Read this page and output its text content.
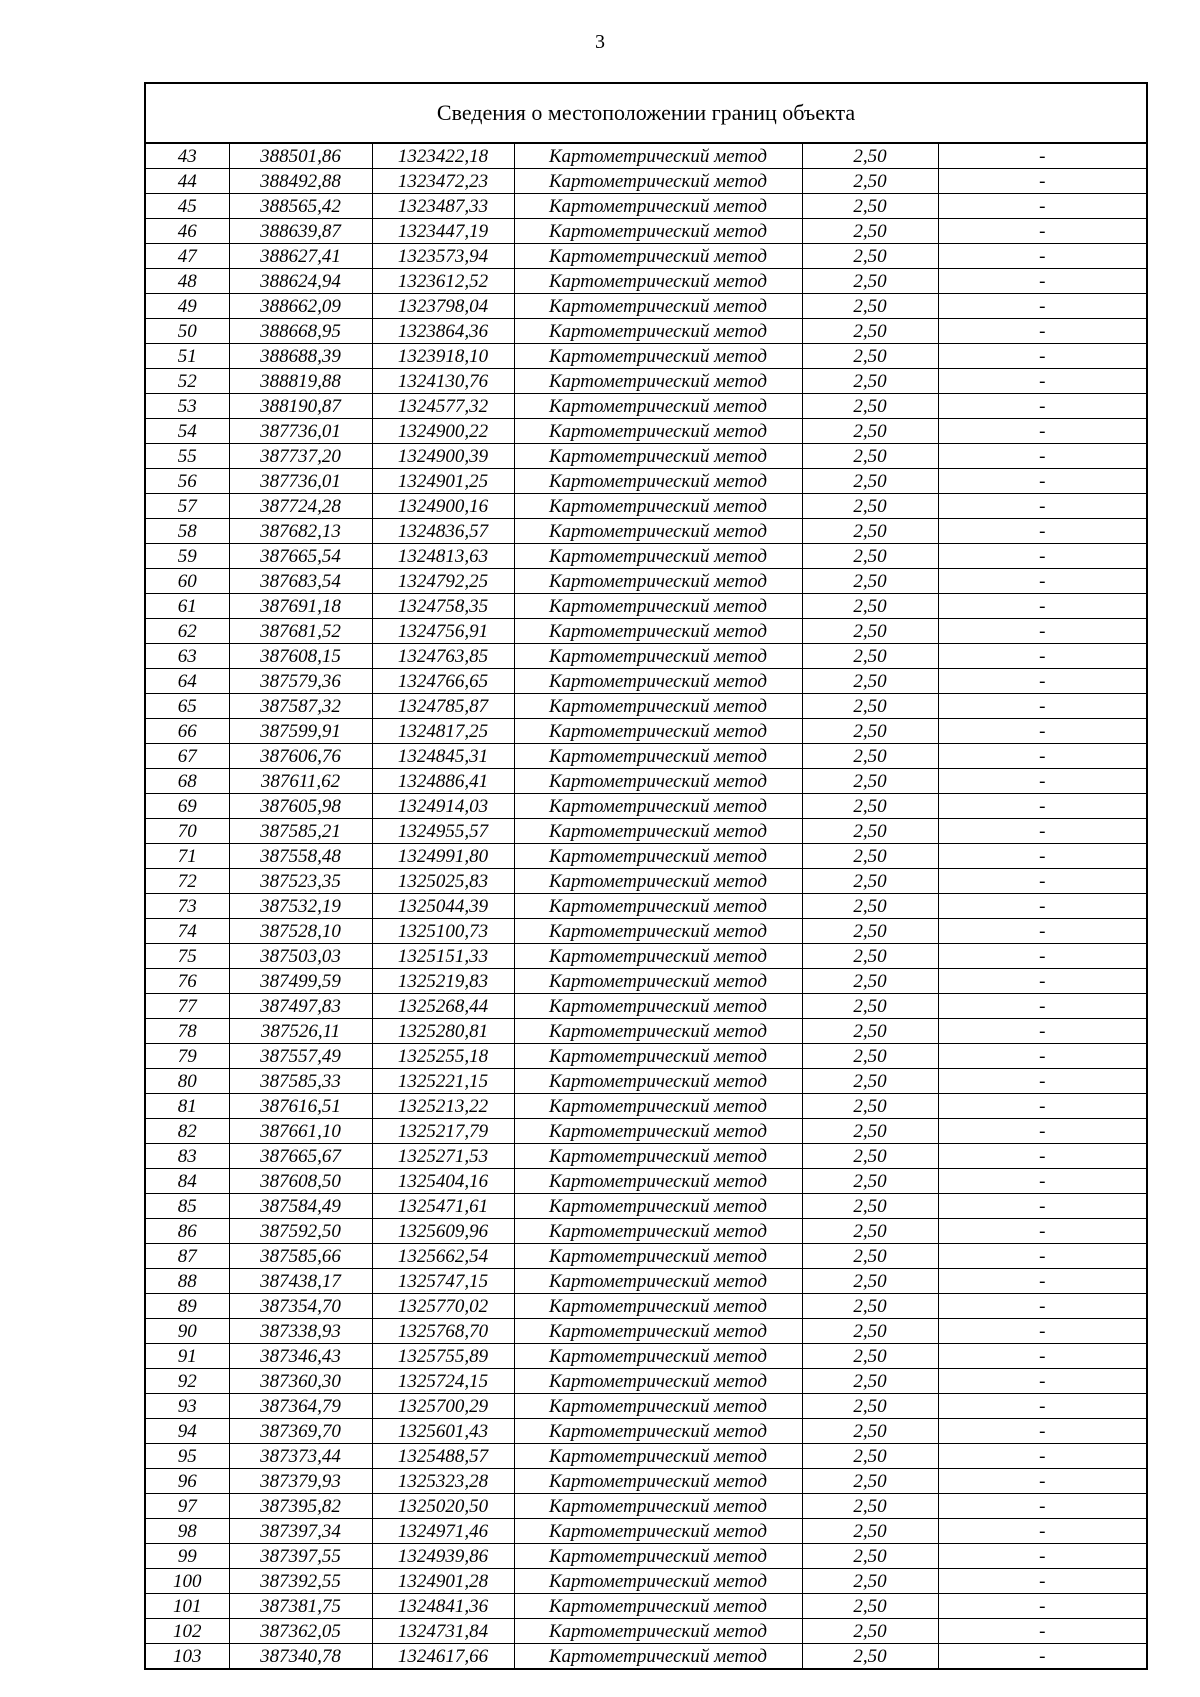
3
Сведения о местоположении границ объекта
43	388501,86	1323422,18	Картометрический метод	2,50	-
44	388492,88	1323472,23	Картометрический метод	2,50	-
45	388565,42	1323487,33	Картометрический метод	2,50	-
46	388639,87	1323447,19	Картометрический метод	2,50	-
47	388627,41	1323573,94	Картометрический метод	2,50	-
48	388624,94	1323612,52	Картометрический метод	2,50	-
49	388662,09	1323798,04	Картометрический метод	2,50	-
50	388668,95	1323864,36	Картометрический метод	2,50	-
51	388688,39	1323918,10	Картометрический метод	2,50	-
52	388819,88	1324130,76	Картометрический метод	2,50	-
53	388190,87	1324577,32	Картометрический метод	2,50	-
54	387736,01	1324900,22	Картометрический метод	2,50	-
55	387737,20	1324900,39	Картометрический метод	2,50	-
56	387736,01	1324901,25	Картометрический метод	2,50	-
57	387724,28	1324900,16	Картометрический метод	2,50	-
58	387682,13	1324836,57	Картометрический метод	2,50	-
59	387665,54	1324813,63	Картометрический метод	2,50	-
60	387683,54	1324792,25	Картометрический метод	2,50	-
61	387691,18	1324758,35	Картометрический метод	2,50	-
62	387681,52	1324756,91	Картометрический метод	2,50	-
63	387608,15	1324763,85	Картометрический метод	2,50	-
64	387579,36	1324766,65	Картометрический метод	2,50	-
65	387587,32	1324785,87	Картометрический метод	2,50	-
66	387599,91	1324817,25	Картометрический метод	2,50	-
67	387606,76	1324845,31	Картометрический метод	2,50	-
68	387611,62	1324886,41	Картометрический метод	2,50	-
69	387605,98	1324914,03	Картометрический метод	2,50	-
70	387585,21	1324955,57	Картометрический метод	2,50	-
71	387558,48	1324991,80	Картометрический метод	2,50	-
72	387523,35	1325025,83	Картометрический метод	2,50	-
73	387532,19	1325044,39	Картометрический метод	2,50	-
74	387528,10	1325100,73	Картометрический метод	2,50	-
75	387503,03	1325151,33	Картометрический метод	2,50	-
76	387499,59	1325219,83	Картометрический метод	2,50	-
77	387497,83	1325268,44	Картометрический метод	2,50	-
78	387526,11	1325280,81	Картометрический метод	2,50	-
79	387557,49	1325255,18	Картометрический метод	2,50	-
80	387585,33	1325221,15	Картометрический метод	2,50	-
81	387616,51	1325213,22	Картометрический метод	2,50	-
82	387661,10	1325217,79	Картометрический метод	2,50	-
83	387665,67	1325271,53	Картометрический метод	2,50	-
84	387608,50	1325404,16	Картометрический метод	2,50	-
85	387584,49	1325471,61	Картометрический метод	2,50	-
86	387592,50	1325609,96	Картометрический метод	2,50	-
87	387585,66	1325662,54	Картометрический метод	2,50	-
88	387438,17	1325747,15	Картометрический метод	2,50	-
89	387354,70	1325770,02	Картометрический метод	2,50	-
90	387338,93	1325768,70	Картометрический метод	2,50	-
91	387346,43	1325755,89	Картометрический метод	2,50	-
92	387360,30	1325724,15	Картометрический метод	2,50	-
93	387364,79	1325700,29	Картометрический метод	2,50	-
94	387369,70	1325601,43	Картометрический метод	2,50	-
95	387373,44	1325488,57	Картометрический метод	2,50	-
96	387379,93	1325323,28	Картометрический метод	2,50	-
97	387395,82	1325020,50	Картометрический метод	2,50	-
98	387397,34	1324971,46	Картометрический метод	2,50	-
99	387397,55	1324939,86	Картометрический метод	2,50	-
100	387392,55	1324901,28	Картометрический метод	2,50	-
101	387381,75	1324841,36	Картометрический метод	2,50	-
102	387362,05	1324731,84	Картометрический метод	2,50	-
103	387340,78	1324617,66	Картометрический метод	2,50	-
